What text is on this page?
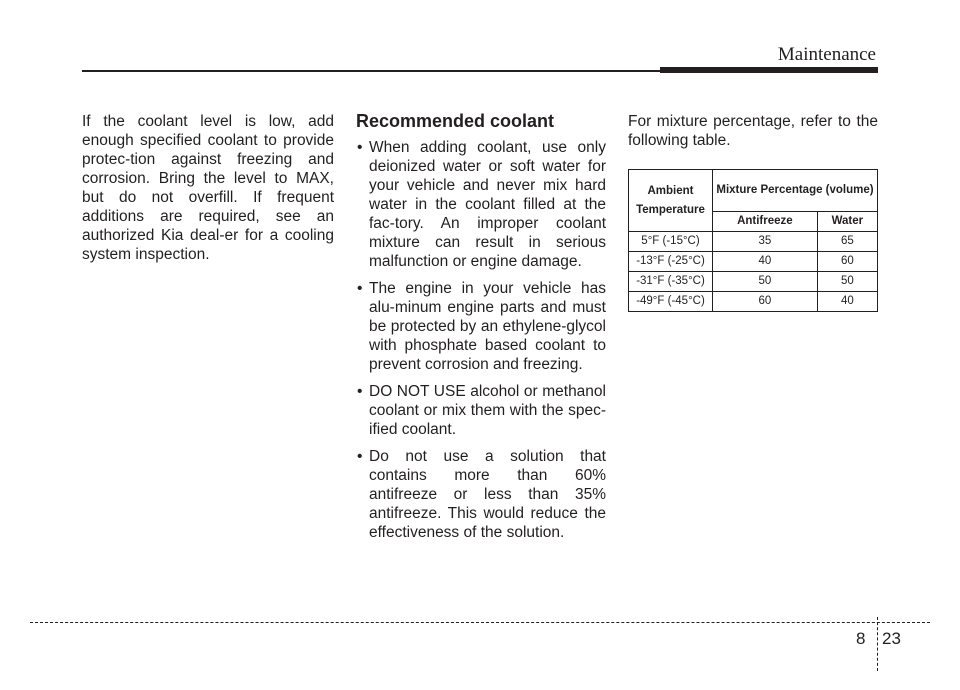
Maintenance

If the coolant level is low, add enough specified coolant to provide protec-tion against freezing and corrosion. Bring the level to MAX, but do not overfill. If frequent additions are required, see an authorized Kia deal-er for a cooling system inspection.

Recommended coolant
• When adding coolant, use only deionized water or soft water for your vehicle and never mix hard water in the coolant filled at the fac-tory. An improper coolant mixture can result in serious malfunction or engine damage.
• The engine in your vehicle has alu-minum engine parts and must be protected by an ethylene-glycol with phosphate based coolant to prevent corrosion and freezing.
• DO NOT USE alcohol or methanol coolant or mix them with the spec-ified coolant.
• Do not use a solution that contains more than 60% antifreeze or less than 35% antifreeze. This would reduce the effectiveness of the solution.

For mixture percentage, refer to the following table.

Ambient Temperature	Mixture Percentage (volume)	
	Antifreeze	Water
5°F (-15°C)	35	65
-13°F (-25°C)	40	60
-31°F (-35°C)	50	50
-49°F (-45°C)	60	40
8 23
